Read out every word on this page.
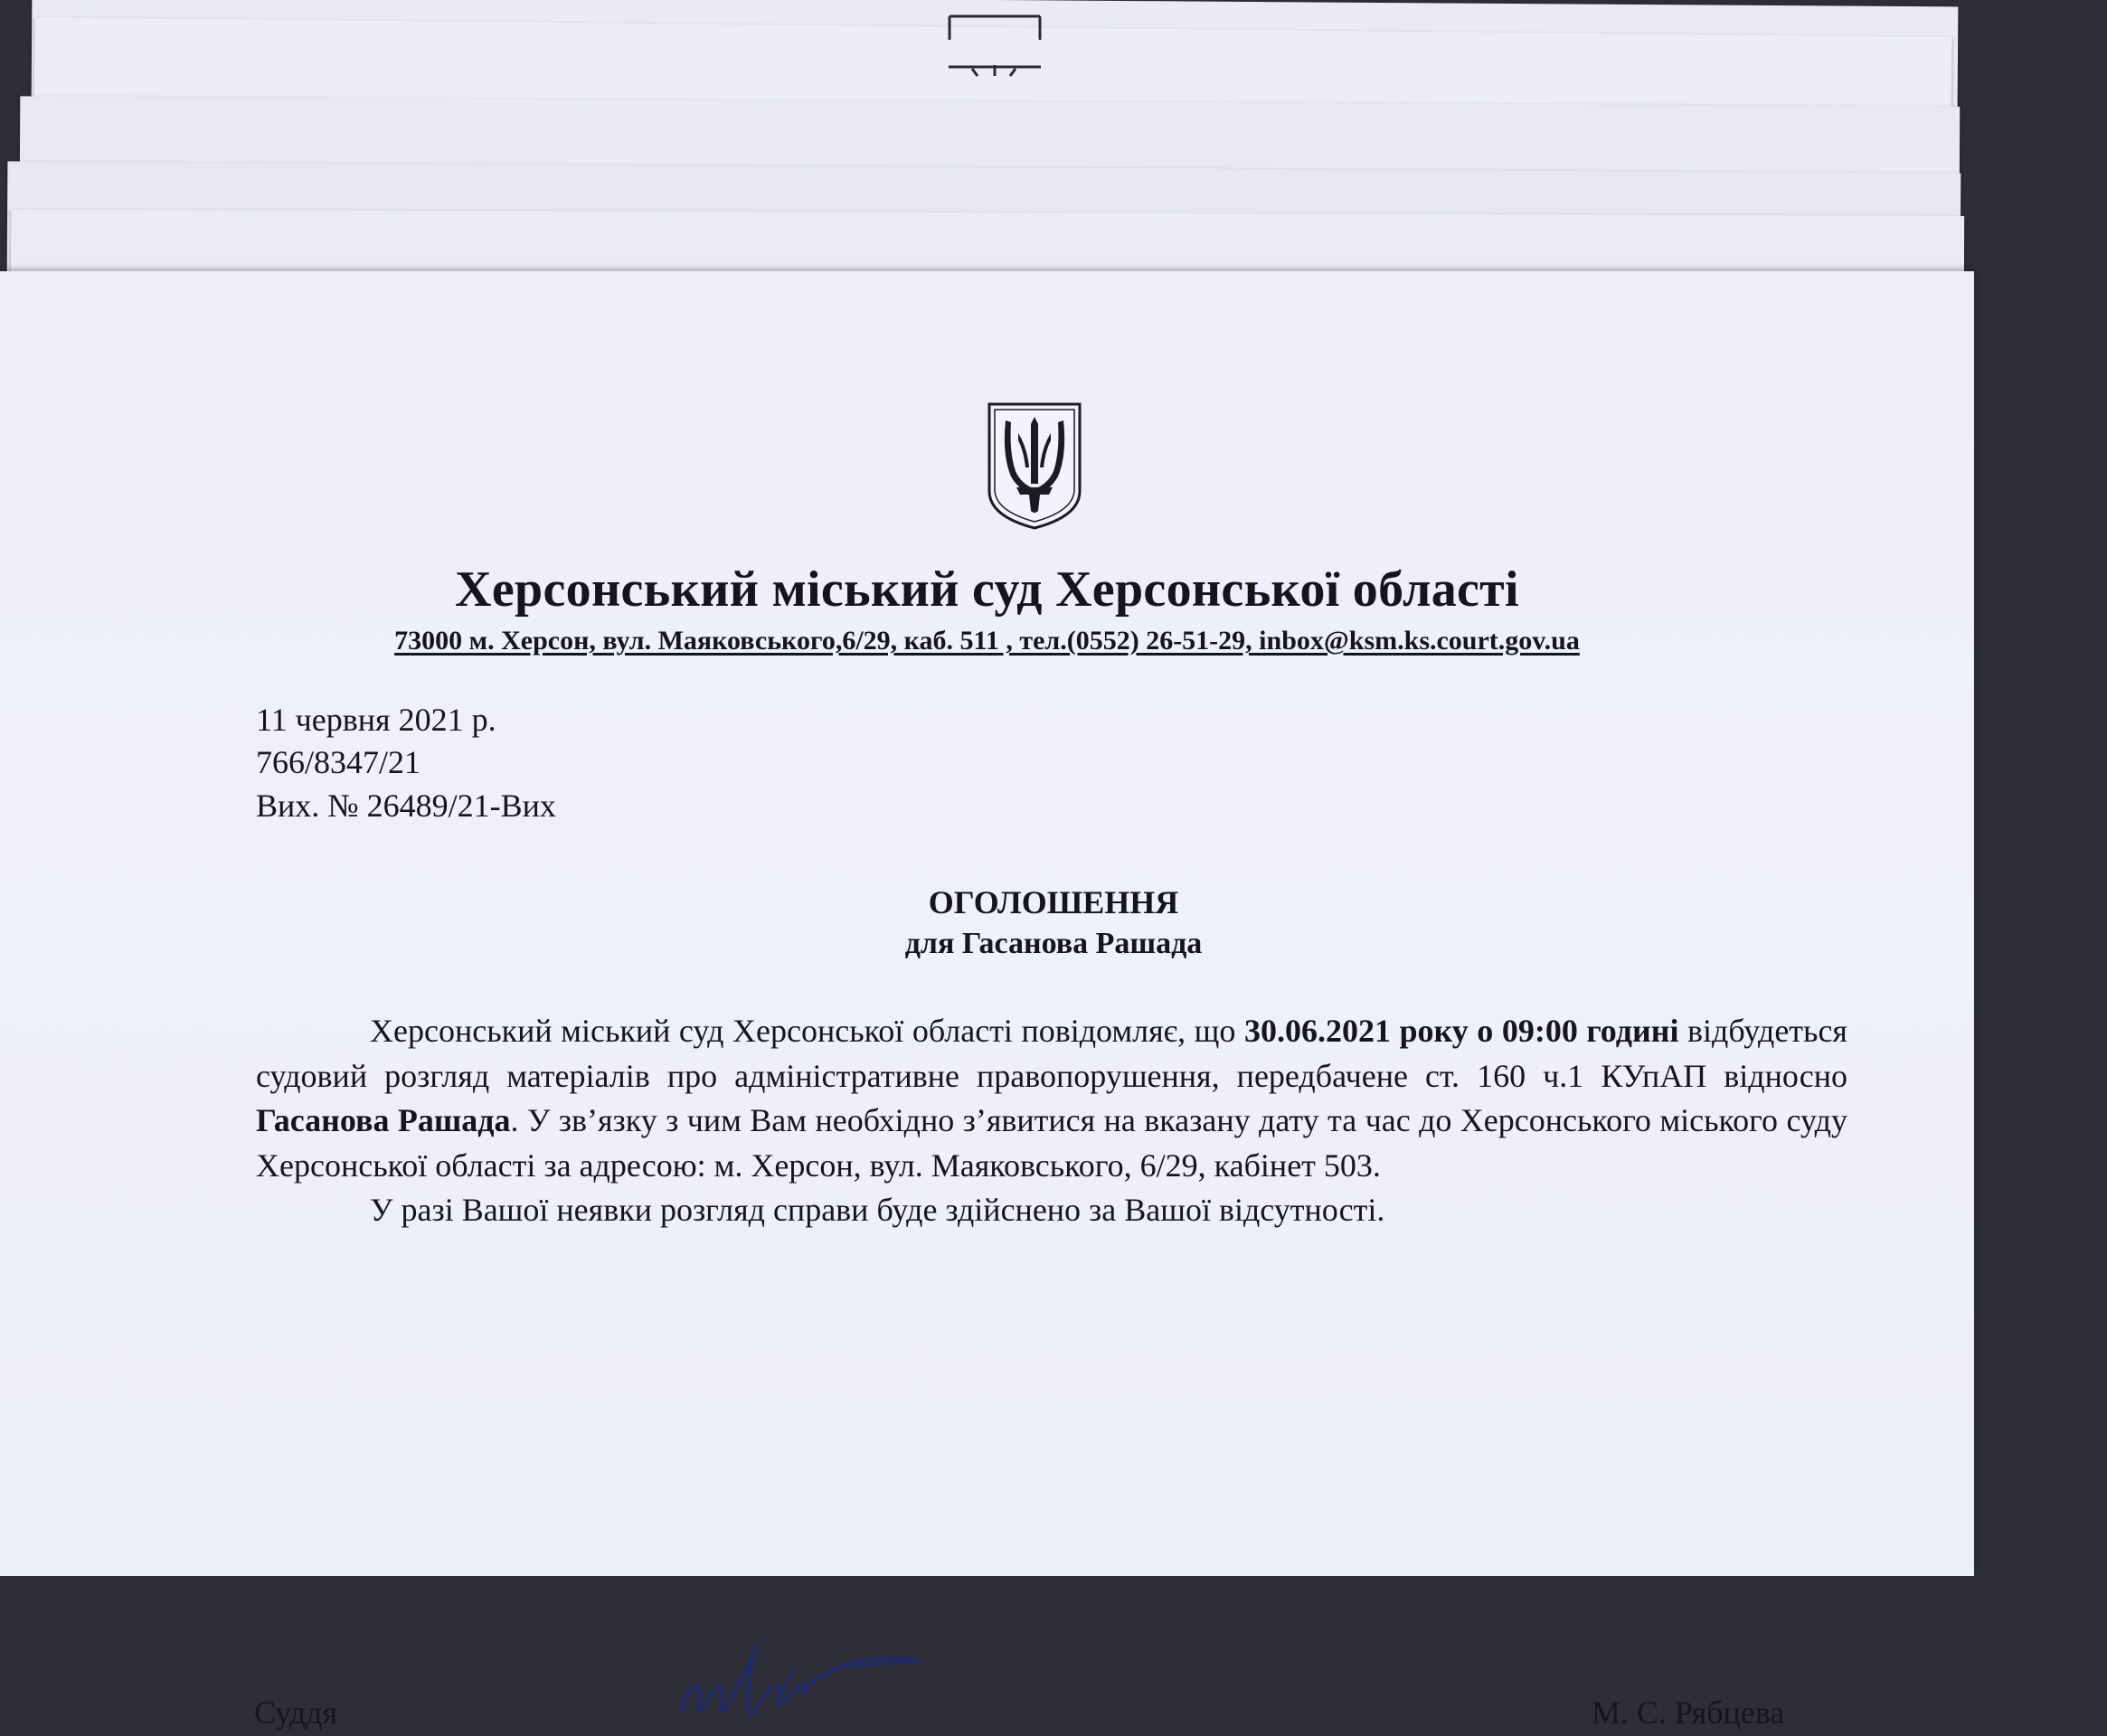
Херсонський міський суд Херсонської області
73000 м. Херсон, вул. Маяковського,6/29, каб. 511 , тел.(0552) 26-51-29, inbox@ksm.ks.court.gov.ua
11 червня 2021 р.
766/8347/21
Вих. № 26489/21-Вих
ОГОЛОШЕННЯ
для Гасанова Рашада

Херсонський міський суд Херсонської області повідомляє, що 30.06.2021 року о 09:00 годині відбудеться судовий розгляд матеріалів про адміністративне правопорушення, передбачене ст. 160 ч.1 КУпАП відносно Гасанова Рашада. У зв’язку з чим Вам необхідно з’явитися на вказану дату та час до Херсонського міського суду Херсонської області за адресою: м. Херсон, вул. Маяковського, 6/29, кабінет 503.

У разі Вашої неявки розгляд справи буде здійснено за Вашої відсутності.

Суддя	М. С. Рябцева
